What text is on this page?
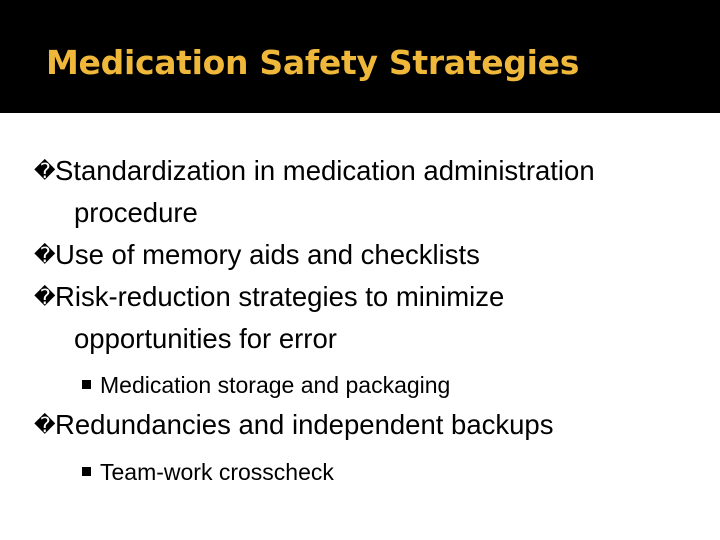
Medication Safety Strategies
� Standardization in medication administration
procedure
� Use of memory aids and checklists
� Risk-reduction strategies to minimize
opportunities for error
Medication storage and packaging
� Redundancies and independent backups
Team-work crosscheck
